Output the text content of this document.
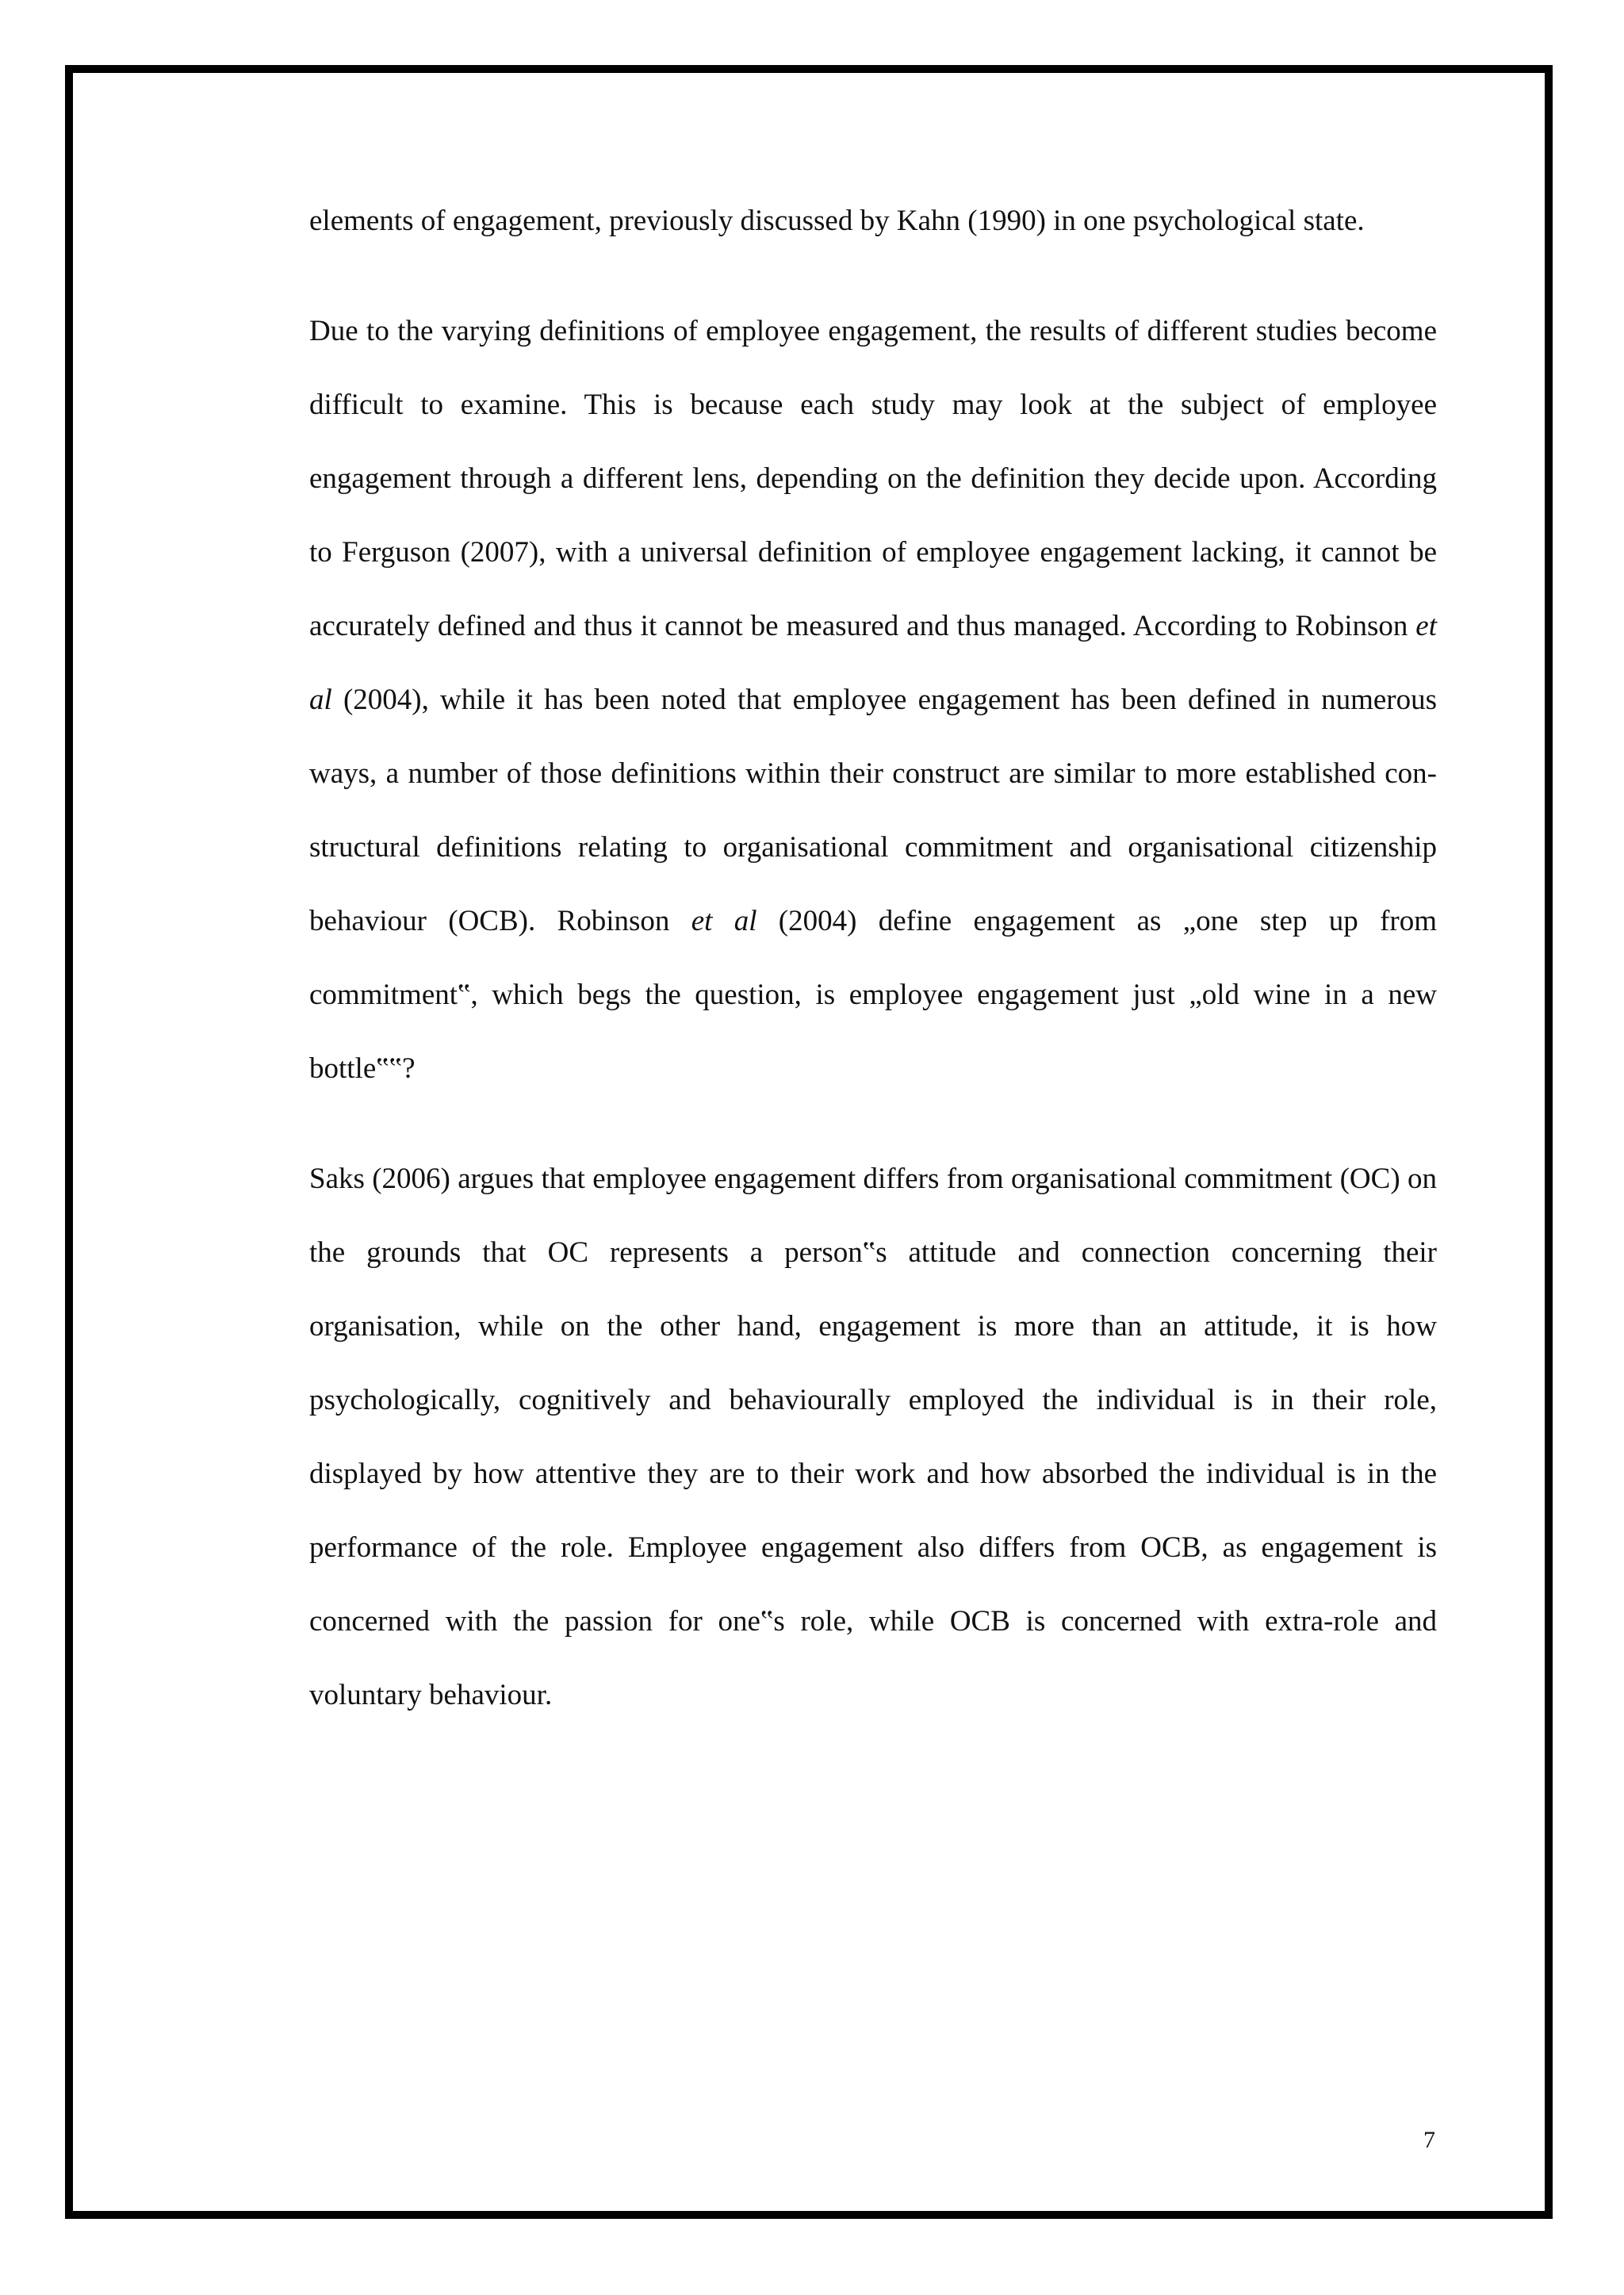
elements of engagement, previously discussed by Kahn (1990) in one psychological state.

Due to the varying definitions of employee engagement, the results of different studies become difficult to examine. This is because each study may look at the subject of employee engagement through a different lens, depending on the definition they decide upon. According to Ferguson (2007), with a universal definition of employee engagement lacking, it cannot be accurately defined and thus it cannot be measured and thus managed. According to Robinson et al (2004), while it has been noted that employee engagement has been defined in numerous ways, a number of those definitions within their construct are similar to more established con-structural definitions relating to organisational commitment and organisational citizenship behaviour (OCB). Robinson et al (2004) define engagement as „one step up from commitment‟, which begs the question, is employee engagement just „old wine in a new bottle‟‟?

Saks (2006) argues that employee engagement differs from organisational commitment (OC) on the grounds that OC represents a person‟s attitude and connection concerning their organisation, while on the other hand, engagement is more than an attitude, it is how psychologically, cognitively and behaviourally employed the individual is in their role, displayed by how attentive they are to their work and how absorbed the individual is in the performance of the role. Employee engagement also differs from OCB, as engagement is concerned with the passion for one‟s role, while OCB is concerned with extra-role and voluntary behaviour.

7
